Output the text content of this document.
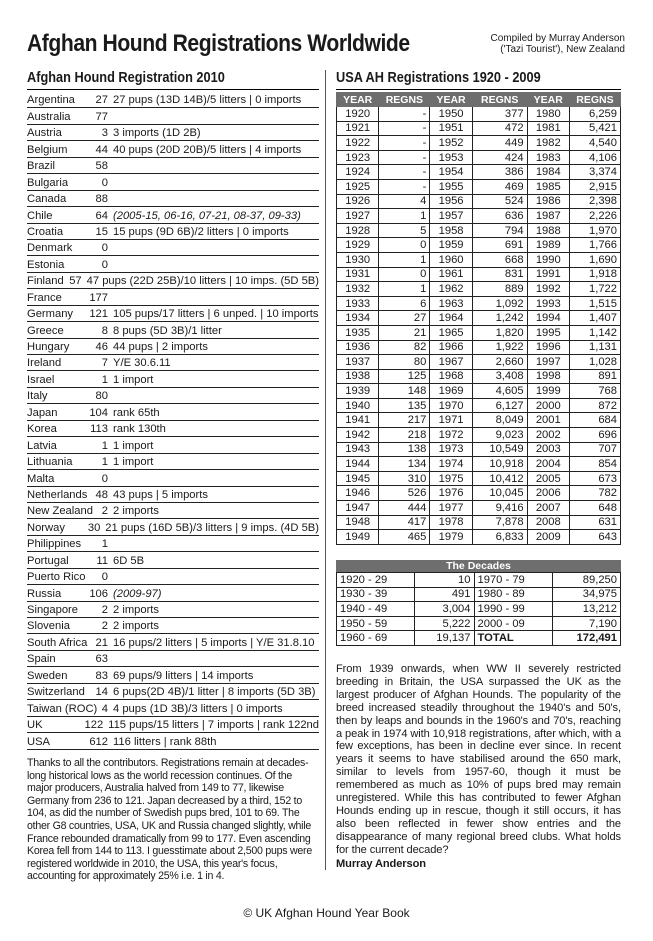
Afghan Hound Registrations Worldwide	Compiled by Murray Anderson
('Tazi Tourist'), New Zealand
Afghan Hound Registration 2010	USA AH Registrations 1920 - 2009
Argentina	27 27 pups (13D 14B)/5 litters | 0 imports
Australia	77
Austria	3 3 imports (1D 2B)
Belgium	44 40 pups (20D 20B)/5 litters | 4 imports
Brazil	58
Bulgaria	0
Canada	88
Chile	64 (2005-15, 06-16, 07-21, 08-37, 09-33)
Croatia	15 15 pups (9D 6B)/2 litters | 0 imports
Denmark	0
Estonia	0
Finland 57 47 pups (22D 25B)/10 litters | 10 imps. (5D 5B)
France	177
Germany	121 105 pups/17 litters | 6 unped. | 10 imports
Greece	8 8 pups (5D 3B)/1 litter
Hungary	46 44 pups | 2 imports
Ireland	7 Y/E 30.6.11
Israel	1 1 import
Italy	80
Japan	104 rank 65th
Korea	113 rank 130th
Latvia	1 1 import
Lithuania	1 1 import
Malta	0
Netherlands 48 43 pups | 5 imports
New Zealand 2 2 imports
Norway	30 21 pups (16D 5B)/3 litters | 9 imps. (4D 5B)
Philippines	1
Portugal	11 6D 5B
Puerto Rico	0
Russia	106 (2009-97)
Singapore	2 2 imports
Slovenia	2 2 imports
South Africa 21 16 pups/2 litters | 5 imports | Y/E 31.8.10
Spain	63
Sweden	83 69 pups/9 litters | 14 imports
Switzerland 14 6 pups(2D 4B)/1 litter | 8 imports (5D 3B)
Taiwan (ROC) 4 4 pups (1D 3B)/3 litters | 0 imports
UK	122 115 pups/15 litters | 7 imports | rank 122nd
USA	612 116 litters | rank 88th
Thanks to all the contributors. Registrations remain at decades-long historical lows as the world recession continues. Of the major producers, Australia halved from 149 to 77, likewise Germany from 236 to 121. Japan decreased by a third, 152 to 104, as did the number of Swedish pups bred, 101 to 69. The other G8 countries, USA, UK and Russia changed slightly, while France rebounded dramatically from 99 to 177. Even ascending Korea fell from 144 to 113. I guesstimate about 2,500 pups were registered worldwide in 2010, the USA, this year's focus, accounting for approximately 25% i.e. 1 in 4.
YEAR	REGNS	YEAR	REGNS	YEAR	REGNS
1920	-	1950	377	1980	6,259
1921	-	1951	472	1981	5,421
1922	-	1952	449	1982	4,540
1923	-	1953	424	1983	4,106
1924	-	1954	386	1984	3,374
1925	-	1955	469	1985	2,915
1926	4	1956	524	1986	2,398
1927	1	1957	636	1987	2,226
1928	5	1958	794	1988	1,970
1929	0	1959	691	1989	1,766
1930	1	1960	668	1990	1,690
1931	0	1961	831	1991	1,918
1932	1	1962	889	1992	1,722
1933	6	1963	1,092	1993	1,515
1934	27	1964	1,242	1994	1,407
1935	21	1965	1,820	1995	1,142
1936	82	1966	1,922	1996	1,131
1937	80	1967	2,660	1997	1,028
1938	125	1968	3,408	1998	891
1939	148	1969	4,605	1999	768
1940	135	1970	6,127	2000	872
1941	217	1971	8,049	2001	684
1942	218	1972	9,023	2002	696
1943	138	1973	10,549	2003	707
1944	134	1974	10,918	2004	854
1945	310	1975	10,412	2005	673
1946	526	1976	10,045	2006	782
1947	444	1977	9,416	2007	648
1948	417	1978	7,878	2008	631
1949	465	1979	6,833	2009	643
The Decades
1920 - 29	10	1970 - 79	89,250
1930 - 39	491	1980 - 89	34,975
1940 - 49	3,004	1990 - 99	13,212
1950 - 59	5,222	2000 - 09	7,190
1960 - 69	19,137	TOTAL	172,491
From 1939 onwards, when WW II severely restricted breeding in Britain, the USA surpassed the UK as the largest producer of Afghan Hounds. The popularity of the breed increased steadily throughout the 1940's and 50's, then by leaps and bounds in the 1960's and 70's, reaching a peak in 1974 with 10,918 registrations, after which, with a few exceptions, has been in decline ever since. In recent years it seems to have stabilised around the 650 mark, similar to levels from 1957-60, though it must be remembered as much as 10% of pups bred may remain unregistered. While this has contributed to fewer Afghan Hounds ending up in rescue, though it still occurs, it has also been reflected in fewer show entries and the disappearance of many regional breed clubs. What holds for the current decade?
Murray Anderson
© UK Afghan Hound Year Book
